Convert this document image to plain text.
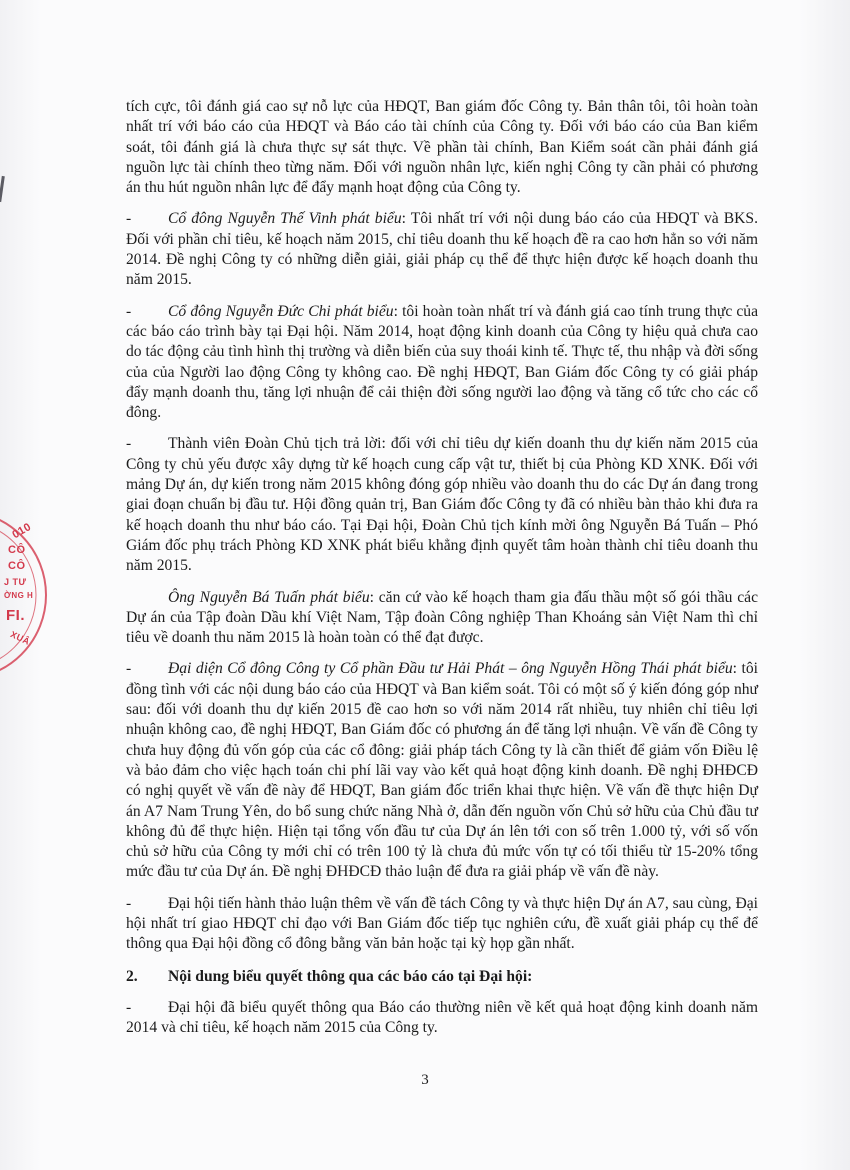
tích cực, tôi đánh giá cao sự nỗ lực của HĐQT, Ban giám đốc Công ty. Bản thân tôi, tôi hoàn toàn nhất trí với báo cáo của HĐQT và Báo cáo tài chính của Công ty. Đối với báo cáo của Ban kiểm soát, tôi đánh giá là chưa thực sự sát thực. Về phần tài chính, Ban Kiểm soát cần phải đánh giá nguồn lực tài chính theo từng năm. Đối với nguồn nhân lực, kiến nghị Công ty cần phải có phương án thu hút nguồn nhân lực để đẩy mạnh hoạt động của Công ty.

- Cổ đông Nguyễn Thế Vinh phát biểu: Tôi nhất trí với nội dung báo cáo của HĐQT và BKS. Đối với phần chỉ tiêu, kế hoạch năm 2015, chỉ tiêu doanh thu kế hoạch đề ra cao hơn hẳn so với năm 2014. Đề nghị Công ty có những diễn giải, giải pháp cụ thể để thực hiện được kế hoạch doanh thu năm 2015.

- Cổ đông Nguyễn Đức Chi phát biểu: tôi hoàn toàn nhất trí và đánh giá cao tính trung thực của các báo cáo trình bày tại Đại hội. Năm 2014, hoạt động kinh doanh của Công ty hiệu quả chưa cao do tác động cảu tình hình thị trường và diễn biến của suy thoái kinh tế. Thực tế, thu nhập và đời sống của của Người lao động Công ty không cao. Đề nghị HĐQT, Ban Giám đốc Công ty có giải pháp đẩy mạnh doanh thu, tăng lợi nhuận để cải thiện đời sống người lao động và tăng cổ tức cho các cổ đông.

- Thành viên Đoàn Chủ tịch trả lời: đối với chỉ tiêu dự kiến doanh thu dự kiến năm 2015 của Công ty chủ yếu được xây dựng từ kế hoạch cung cấp vật tư, thiết bị của Phòng KD XNK. Đối với mảng Dự án, dự kiến trong năm 2015 không đóng góp nhiều vào doanh thu do các Dự án đang trong giai đoạn chuẩn bị đầu tư. Hội đồng quản trị, Ban Giám đốc Công ty đã có nhiều bàn thảo khi đưa ra kế hoạch doanh thu như báo cáo. Tại Đại hội, Đoàn Chủ tịch kính mời ông Nguyễn Bá Tuấn – Phó Giám đốc phụ trách Phòng KD XNK phát biểu khẳng định quyết tâm hoàn thành chỉ tiêu doanh thu năm 2015.

Ông Nguyễn Bá Tuấn phát biểu: căn cứ vào kế hoạch tham gia đấu thầu một số gói thầu các Dự án của Tập đoàn Dầu khí Việt Nam, Tập đoàn Công nghiệp Than Khoáng sản Việt Nam thì chỉ tiêu về doanh thu năm 2015 là hoàn toàn có thể đạt được.

- Đại diện Cổ đông Công ty Cổ phần Đầu tư Hải Phát – ông Nguyễn Hồng Thái phát biểu: tôi đồng tình với các nội dung báo cáo của HĐQT và Ban kiểm soát. Tôi có một số ý kiến đóng góp như sau: đối với doanh thu dự kiến 2015 đề cao hơn so với năm 2014 rất nhiều, tuy nhiên chỉ tiêu lợi nhuận không cao, đề nghị HĐQT, Ban Giám đốc có phương án để tăng lợi nhuận. Về vấn đề Công ty chưa huy động đủ vốn góp của các cổ đông: giải pháp tách Công ty là cần thiết để giảm vốn Điều lệ và bảo đảm cho việc hạch toán chi phí lãi vay vào kết quả hoạt động kinh doanh. Đề nghị ĐHĐCĐ có nghị quyết về vấn đề này để HĐQT, Ban giám đốc triển khai thực hiện. Về vấn đề thực hiện Dự án A7 Nam Trung Yên, do bổ sung chức năng Nhà ở, dẫn đến nguồn vốn Chủ sở hữu của Chủ đầu tư không đủ để thực hiện. Hiện tại tổng vốn đầu tư của Dự án lên tới con số trên 1.000 tỷ, với số vốn chủ sở hữu của Công ty mới chỉ có trên 100 tỷ là chưa đủ mức vốn tự có tối thiểu từ 15-20% tổng mức đầu tư của Dự án. Đề nghị ĐHĐCĐ thảo luận để đưa ra giải pháp về vấn đề này.

- Đại hội tiến hành thảo luận thêm về vấn đề tách Công ty và thực hiện Dự án A7, sau cùng, Đại hội nhất trí giao HĐQT chỉ đạo với Ban Giám đốc tiếp tục nghiên cứu, đề xuất giải pháp cụ thể để thông qua Đại hội đồng cổ đông bằng văn bản hoặc tại kỳ họp gần nhất.

2. Nội dung biểu quyết thông qua các báo cáo tại Đại hội:

- Đại hội đã biểu quyết thông qua Báo cáo thường niên về kết quả hoạt động kinh doanh năm 2014 và chỉ tiêu, kế hoạch năm 2015 của Công ty.

3
010
CÔ
CÔ
J TƯ
ỜNG H
FI.
XUÂ
